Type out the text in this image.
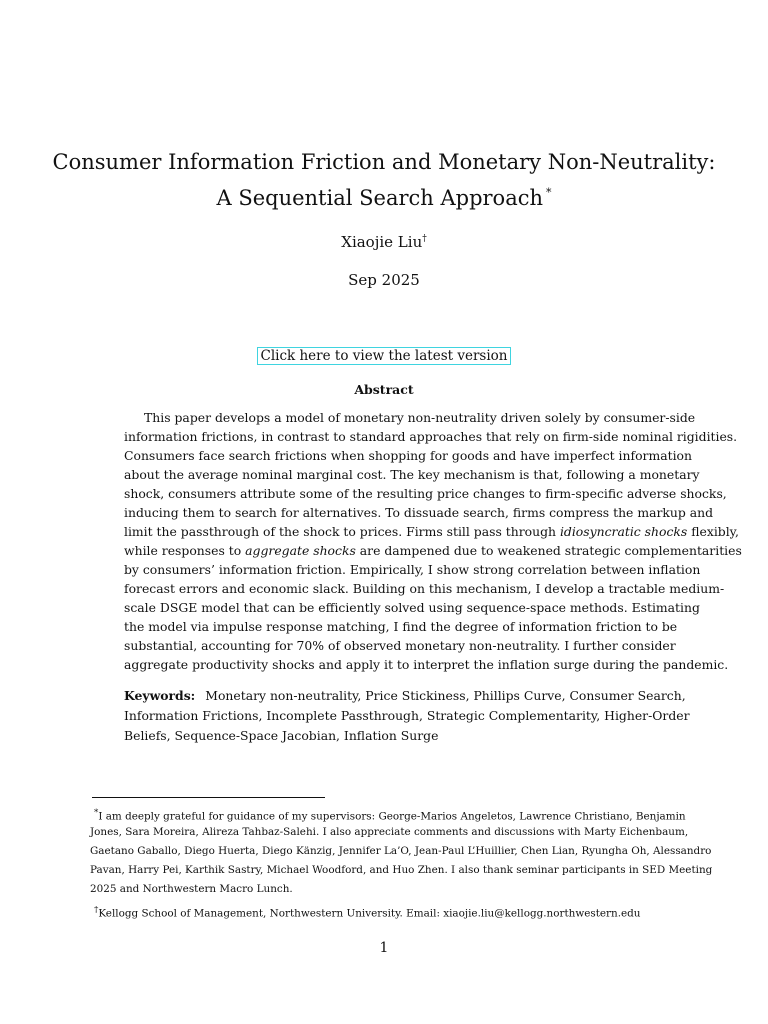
Consumer Information Friction and Monetary Non-Neutrality:
A Sequential Search Approach *
Xiaojie Liu†
Sep 2025
Click here to view the latest version
Abstract
This paper develops a model of monetary non-neutrality driven solely by consumer-side
information frictions, in contrast to standard approaches that rely on firm-side nominal rigidities.
Consumers face search frictions when shopping for goods and have imperfect information
about the average nominal marginal cost. The key mechanism is that, following a monetary
shock, consumers attribute some of the resulting price changes to firm-specific adverse shocks,
inducing them to search for alternatives. To dissuade search, firms compress the markup and
limit the passthrough of the shock to prices. Firms still pass through idiosyncratic shocks flexibly,
while responses to aggregate shocks are dampened due to weakened strategic complementarities
by consumers’ information friction. Empirically, I show strong correlation between inflation
forecast errors and economic slack. Building on this mechanism, I develop a tractable medium-
scale DSGE model that can be efficiently solved using sequence-space methods. Estimating
the model via impulse response matching, I find the degree of information friction to be
substantial, accounting for 70% of observed monetary non-neutrality. I further consider
aggregate productivity shocks and apply it to interpret the inflation surge during the pandemic.
Keywords: Monetary non-neutrality, Price Stickiness, Phillips Curve, Consumer Search,
Information Frictions, Incomplete Passthrough, Strategic Complementarity, Higher-Order
Beliefs, Sequence-Space Jacobian, Inflation Surge
*I am deeply grateful for guidance of my supervisors: George-Marios Angeletos, Lawrence Christiano, Benjamin
Jones, Sara Moreira, Alireza Tahbaz-Salehi. I also appreciate comments and discussions with Marty Eichenbaum,
Gaetano Gaballo, Diego Huerta, Diego Känzig, Jennifer La’O, Jean-Paul L’Huillier, Chen Lian, Ryungha Oh, Alessandro
Pavan, Harry Pei, Karthik Sastry, Michael Woodford, and Huo Zhen. I also thank seminar participants in SED Meeting
2025 and Northwestern Macro Lunch.
†Kellogg School of Management, Northwestern University. Email: xiaojie.liu@kellogg.northwestern.edu
1
